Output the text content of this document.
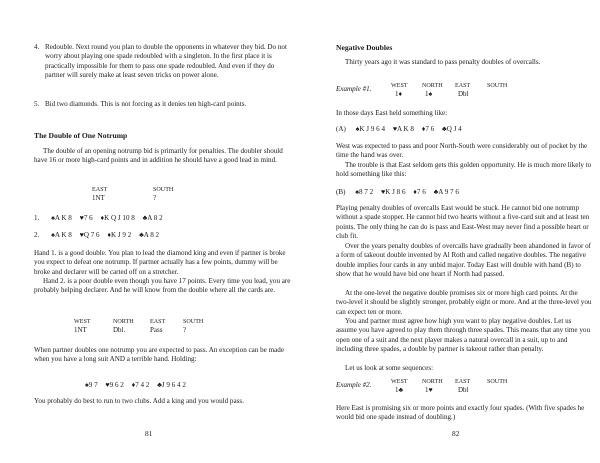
4. Redouble. Next round you plan to double the opponents in whatever they bid. Do not worry about playing one spade redoubled with a singleton. In the first place it is practically impossible for them to pass one spade redoubled. And even if they do partner will surely make at least seven tricks on power alone.

5. Bid two diamonds. This is not forcing as it denies ten high-card points.

The Double of One Notrump

The double of an opening notrump bid is primarily for penalties. The doubler should have 16 or more high-card points and in addition he should have a good lead in mind.

EAST	SOUTH
1NT	?
1. ♠A K 8 ♥7 6 ♦K Q J 10 8 ♣A 8 2
2. ♠A K 8 ♥Q 7 6 ♦K J 9 2 ♣A 8 2

Hand 1. is a good double. You plan to lead the diamond king and even if partner is broke you expect to defeat one notrump. If partner actually has a few points, dummy will be broke and declarer will be carted off on a stretcher.

Hand 2. is a poor double even though you have 17 points. Every time you lead, you are probably helping declarer. And he will know from the double where all the cards are.

WEST	NORTH	EAST	SOUTH
1NT	Dbl.	Pass	?

When partner doubles one notrump you are expected to pass. An exception can be made when you have a long suit AND a terrible hand. Holding:

♠9 7 ♥9 6 2 ♦7 4 2 ♣J 9 6 4 2

You probably do best to run to two clubs. Add a king and you would pass.

81

Negative Doubles

Thirty years ago it was standard to pass penalty doubles of overcalls.

Example #1.	WEST NORTH EAST	SOUTH
1♦	1♠	Dbl

In those days East held something like:

(A) ♠K J 9 6 4 ♥A K 8 ♦7 6 ♣Q J 4

West was expected to pass and poor North-South were considerably out of pocket by the time the hand was over.

The trouble is that East seldom gets this golden opportunity. He is much more likely to hold something like this:

(B) ♠8 7 2 ♥K J 8 6 ♦7 6 ♣A 9 7 6

Playing penalty doubles of overcalls East would be stuck. He cannot bid one notrump without a spade stopper. He cannot bid two hearts without a five-card suit and at least ten points. The only thing he can do is pass and East-West may never find a possible heart or club fit.

Over the years penalty doubles of overcalls have gradually been abandoned in favor of a form of takeout double invented by Al Roth and called negative doubles. The negative double implies four cards in any unbid major. Today East will double with hand (B) to show that he would have bid one heart if North had passed.

At the one-level the negative double promises six or more high card points. At the two-level it should be slightly stronger, probably eight or more. And at the three-level you can expect ten or more.

You and partner must agree how high you want to play negative doubles. Let us assume you have agreed to play them through three spades. This means that any time you open one of a suit and the next player makes a natural overcall in a suit, up to and including three spades, a double by partner is takeout rather than penalty.

Let us look at some sequences:

Example #2.	WEST NORTH EAST	SOUTH
1♣	1♥	Dbl

Here East is promising six or more points and exactly four spades. (With five spades he would bid one spade instead of doubling.)

82
